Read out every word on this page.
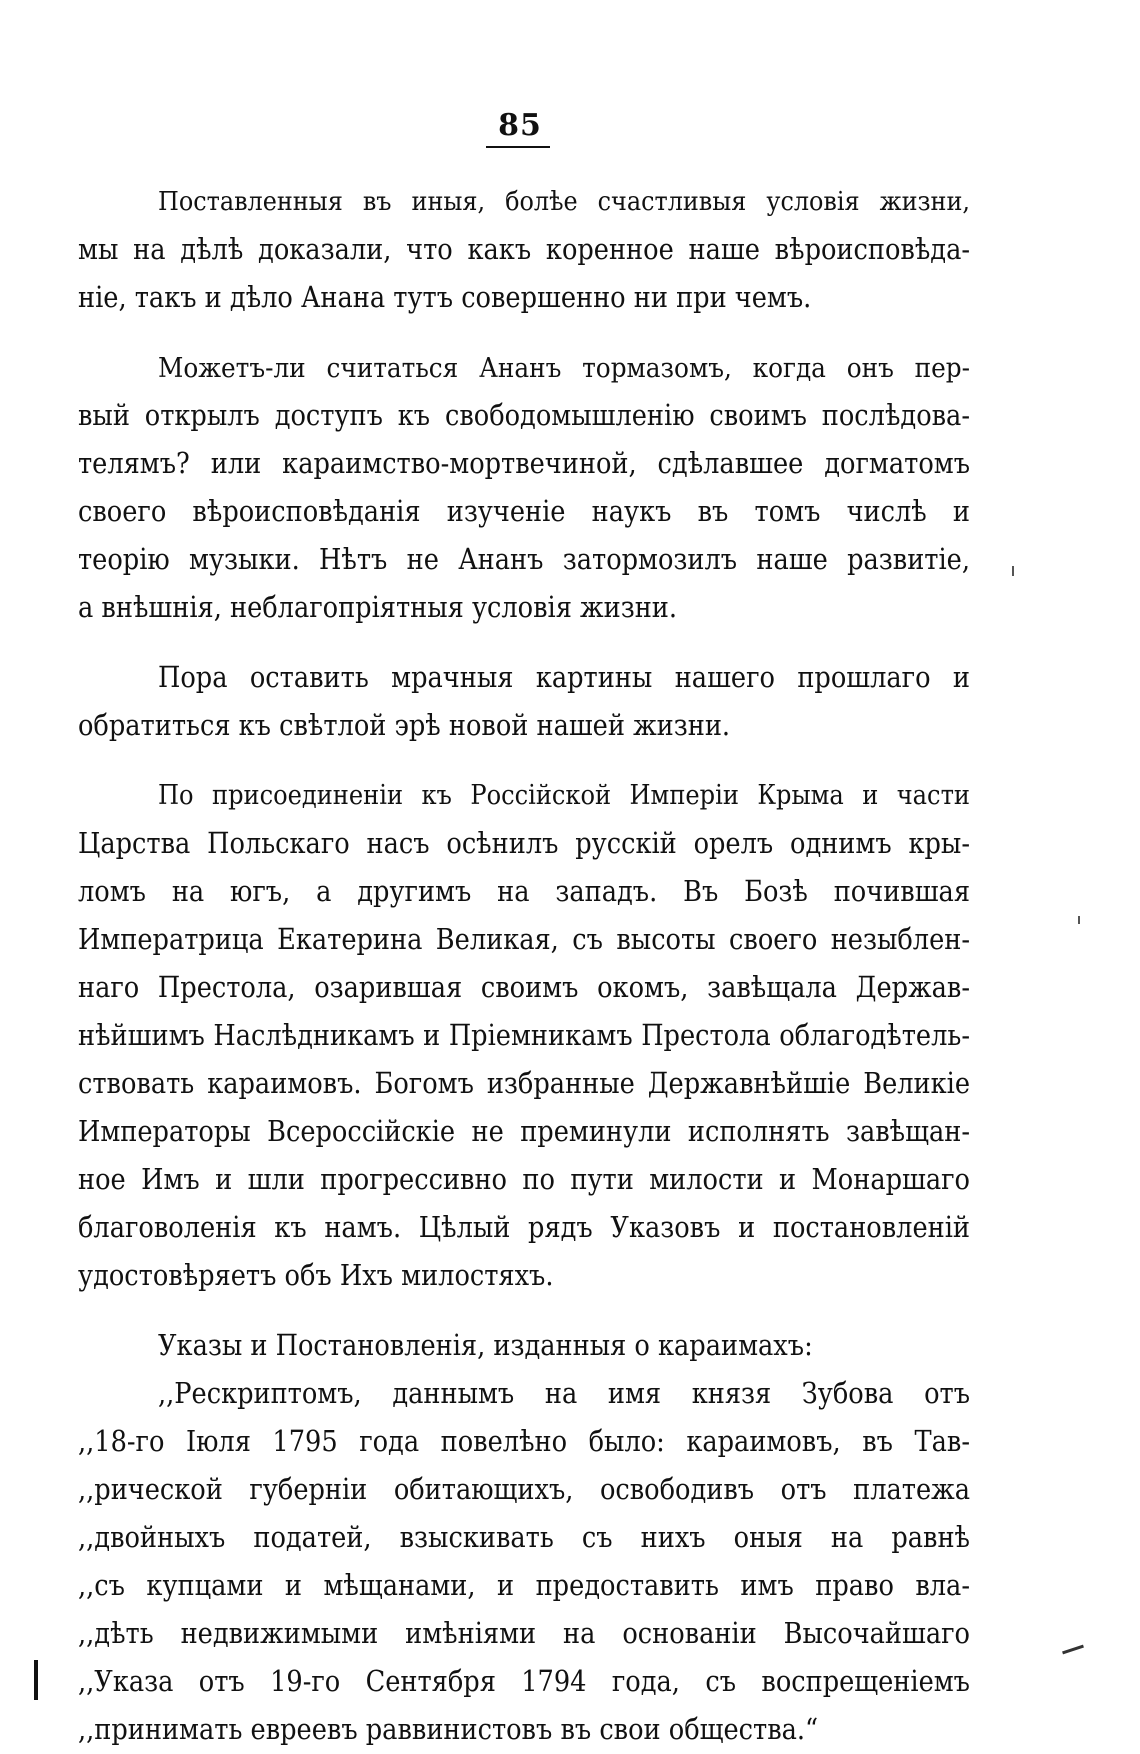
85

Поставленныя въ иныя, болѣе счастливыя условія жизни,
мы на дѣлѣ доказали, что какъ коренное наше вѣроисповѣда-
ніе, такъ и дѣло Анана тутъ совершенно ни при чемъ.

Можетъ-ли считаться Ананъ тормазомъ, когда онъ пер-
вый открылъ доступъ къ свободомышленію своимъ послѣдова-
телямъ? или караимство-мортвечиной, сдѣлавшее догматомъ
своего вѣроисповѣданія изученіе наукъ въ томъ числѣ и
теорію музыки. Нѣтъ не Ананъ затормозилъ наше развитіе,
а внѣшнія, неблагопріятныя условія жизни.

Пора оставить мрачныя картины нашего прошлаго и
обратиться къ свѣтлой эрѣ новой нашей жизни.

По присоединеніи къ Россійской Имперіи Крыма и части
Царства Польскаго насъ осѣнилъ русскій орелъ однимъ кры-
ломъ на югъ, а другимъ на западъ. Въ Бозѣ почившая
Императрица Екатерина Великая, съ высоты своего незыблен-
наго Престола, озарившая своимъ окомъ, завѣщала Держав-
нѣйшимъ Наслѣдникамъ и Пріемникамъ Престола облагодѣтель-
ствовать караимовъ. Богомъ избранные Державнѣйшіе Великіе
Императоры Всероссійскіе не преминули исполнять завѣщан-
ное Имъ и шли прогрессивно по пути милости и Монаршаго
благоволенія къ намъ. Цѣлый рядъ Указовъ и постановленій
удостовѣряетъ объ Ихъ милостяхъ.

Указы и Постановленія, изданныя о караимахъ:

,,Рескриптомъ, даннымъ на имя князя Зубова отъ
,,18-го Іюля 1795 года повелѣно было: караимовъ, въ Тав-
,,рической губерніи обитающихъ, освободивъ отъ платежа
,,двойныхъ податей, взыскивать съ нихъ оныя на равнѣ
,,съ купцами и мѣщанами, и предоставить имъ право вла-
,,дѣть недвижимыми имѣніями на основаніи Высочайшаго
,,Указа отъ 19-го Сентября 1794 года, съ воспрещеніемъ
,,принимать евреевъ раввинистовъ въ свои общества.“
